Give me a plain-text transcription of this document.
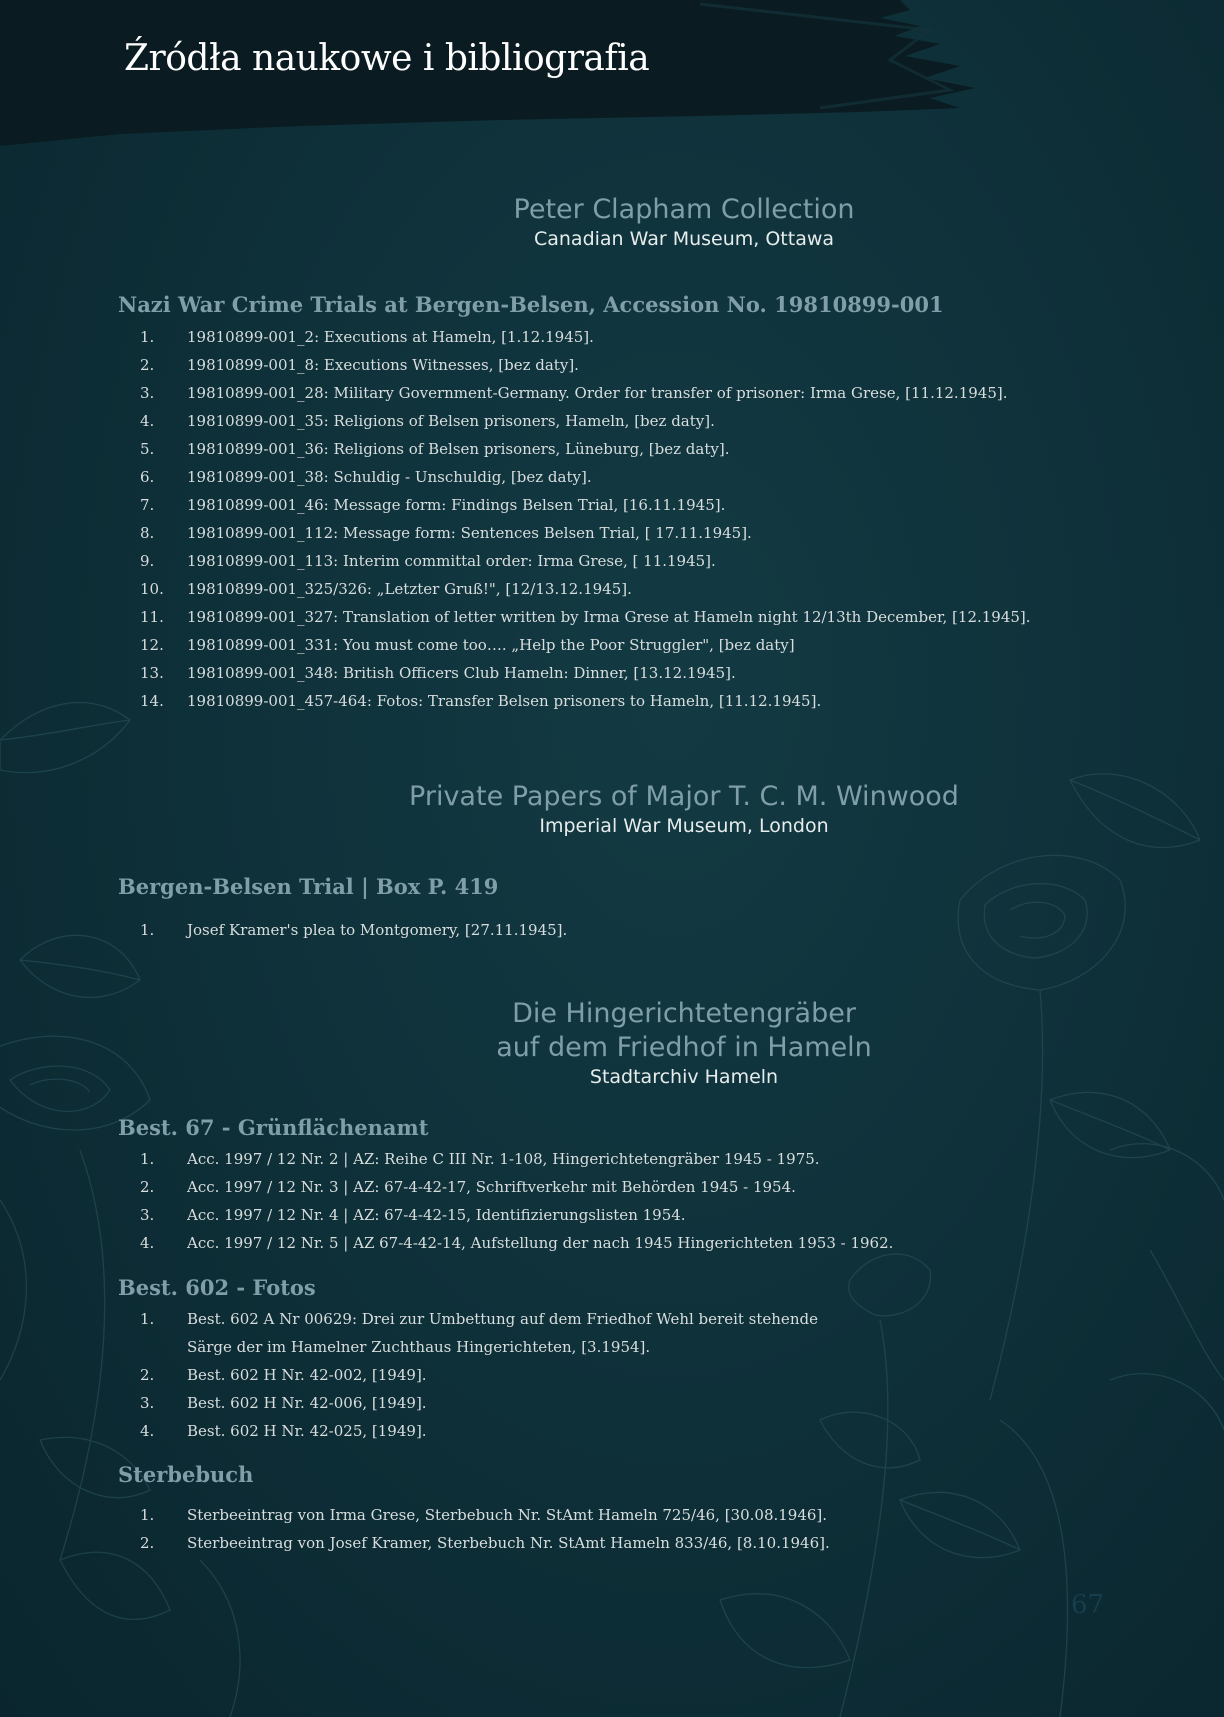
Źródła naukowe i bibliografia
Peter Clapham Collection
Canadian War Museum, Ottawa
Nazi War Crime Trials at Bergen-Belsen, Accession No. 19810899-001
1. 19810899-001_2: Executions at Hameln, [1.12.1945].
2. 19810899-001_8: Executions Witnesses, [bez daty].
3. 19810899-001_28: Military Government-Germany. Order for transfer of prisoner: Irma Grese, [11.12.1945].
4. 19810899-001_35: Religions of Belsen prisoners, Hameln, [bez daty].
5. 19810899-001_36: Religions of Belsen prisoners, Lüneburg, [bez daty].
6. 19810899-001_38: Schuldig - Unschuldig, [bez daty].
7. 19810899-001_46: Message form: Findings Belsen Trial, [16.11.1945].
8. 19810899-001_112: Message form: Sentences Belsen Trial, [ 17.11.1945].
9. 19810899-001_113: Interim committal order: Irma Grese, [ 11.1945].
10. 19810899-001_325/326: „Letzter Gruß!", [12/13.12.1945].
11. 19810899-001_327: Translation of letter written by Irma Grese at Hameln night 12/13th December, [12.1945].
12. 19810899-001_331: You must come too…. „Help the Poor Struggler", [bez daty]
13. 19810899-001_348: British Officers Club Hameln: Dinner, [13.12.1945].
14. 19810899-001_457-464: Fotos: Transfer Belsen prisoners to Hameln, [11.12.1945].
Private Papers of Major T. C. M. Winwood
Imperial War Museum, London
Bergen-Belsen Trial | Box P. 419
1. Josef Kramer's plea to Montgomery, [27.11.1945].
Die Hingerichtetengräber
auf dem Friedhof in Hameln
Stadtarchiv Hameln
Best. 67 - Grünflächenamt
1. Acc. 1997 / 12 Nr. 2 | AZ: Reihe C III Nr. 1-108, Hingerichtetengräber 1945 - 1975.
2. Acc. 1997 / 12 Nr. 3 | AZ: 67-4-42-17, Schriftverkehr mit Behörden 1945 - 1954.
3. Acc. 1997 / 12 Nr. 4 | AZ: 67-4-42-15, Identifizierungslisten 1954.
4. Acc. 1997 / 12 Nr. 5 | AZ 67-4-42-14, Aufstellung der nach 1945 Hingerichteten 1953 - 1962.
Best. 602 - Fotos
1. Best. 602 A Nr 00629: Drei zur Umbettung auf dem Friedhof Wehl bereit stehende Särge der im Hamelner Zuchthaus Hingerichteten, [3.1954].
2. Best. 602 H Nr. 42-002, [1949].
3. Best. 602 H Nr. 42-006, [1949].
4. Best. 602 H Nr. 42-025, [1949].
Sterbebuch
1. Sterbeeintrag von Irma Grese, Sterbebuch Nr. StAmt Hameln 725/46, [30.08.1946].
2. Sterbeeintrag von Josef Kramer, Sterbebuch Nr. StAmt Hameln 833/46, [8.10.1946].
67
